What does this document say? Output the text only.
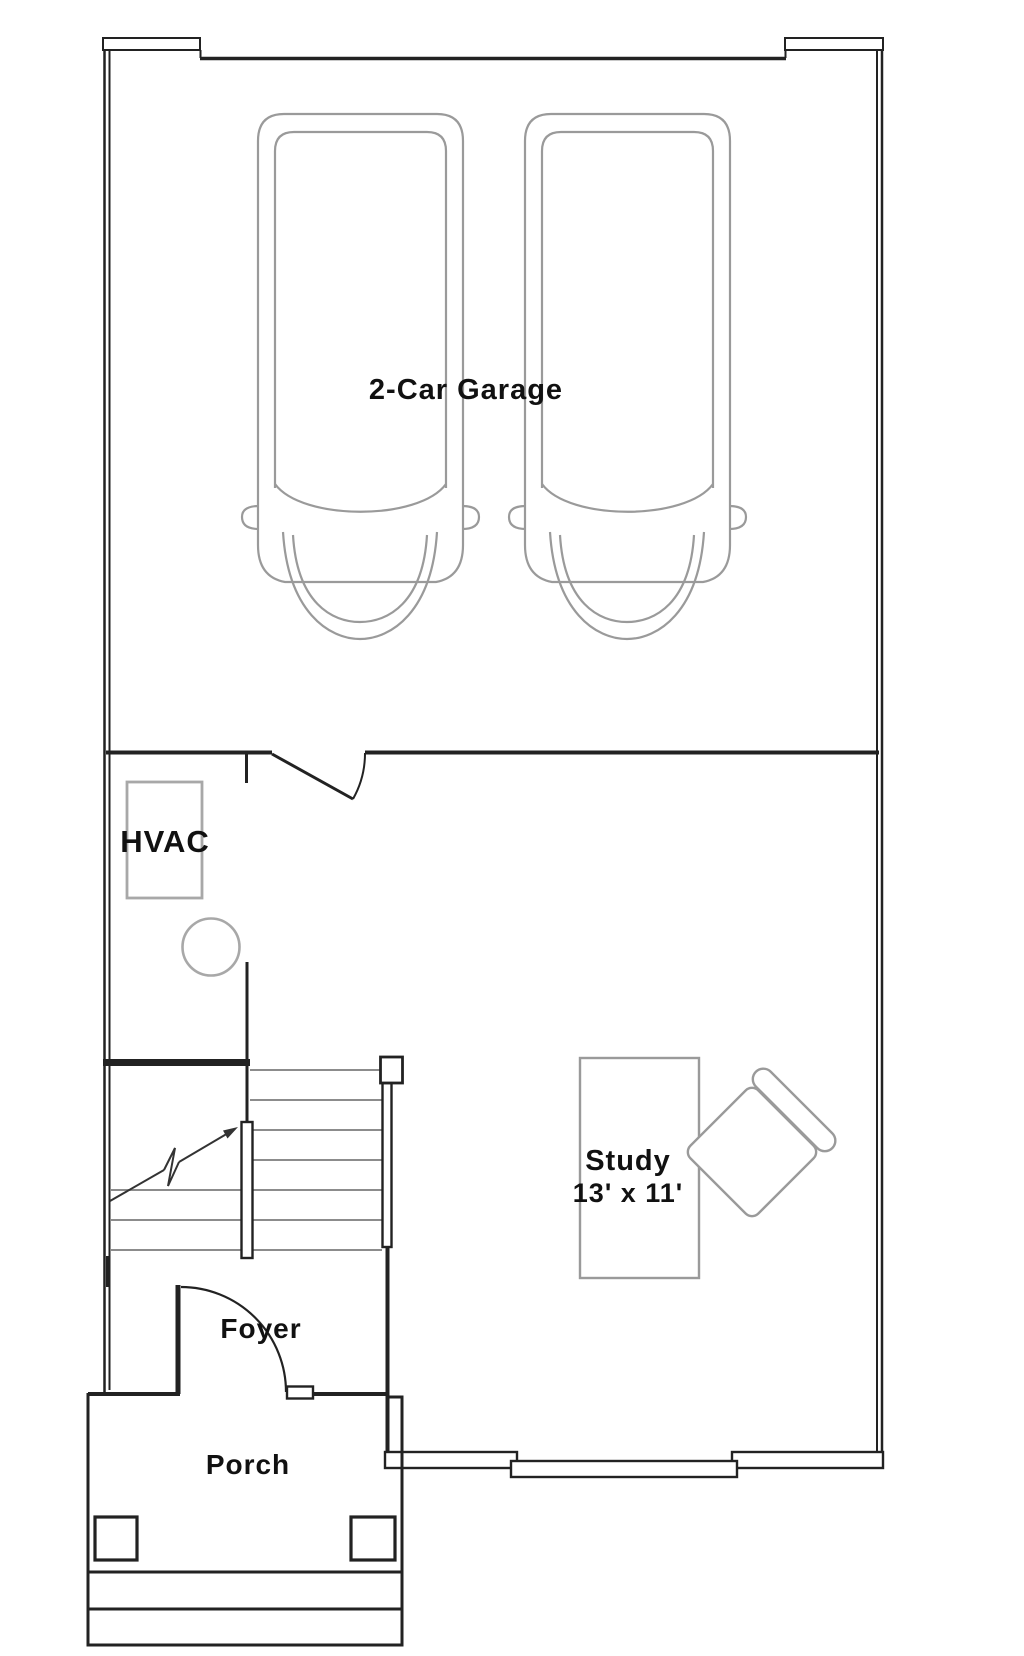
2-Car Garage
HVAC
Study
13' x 11'
Foyer
Porch
